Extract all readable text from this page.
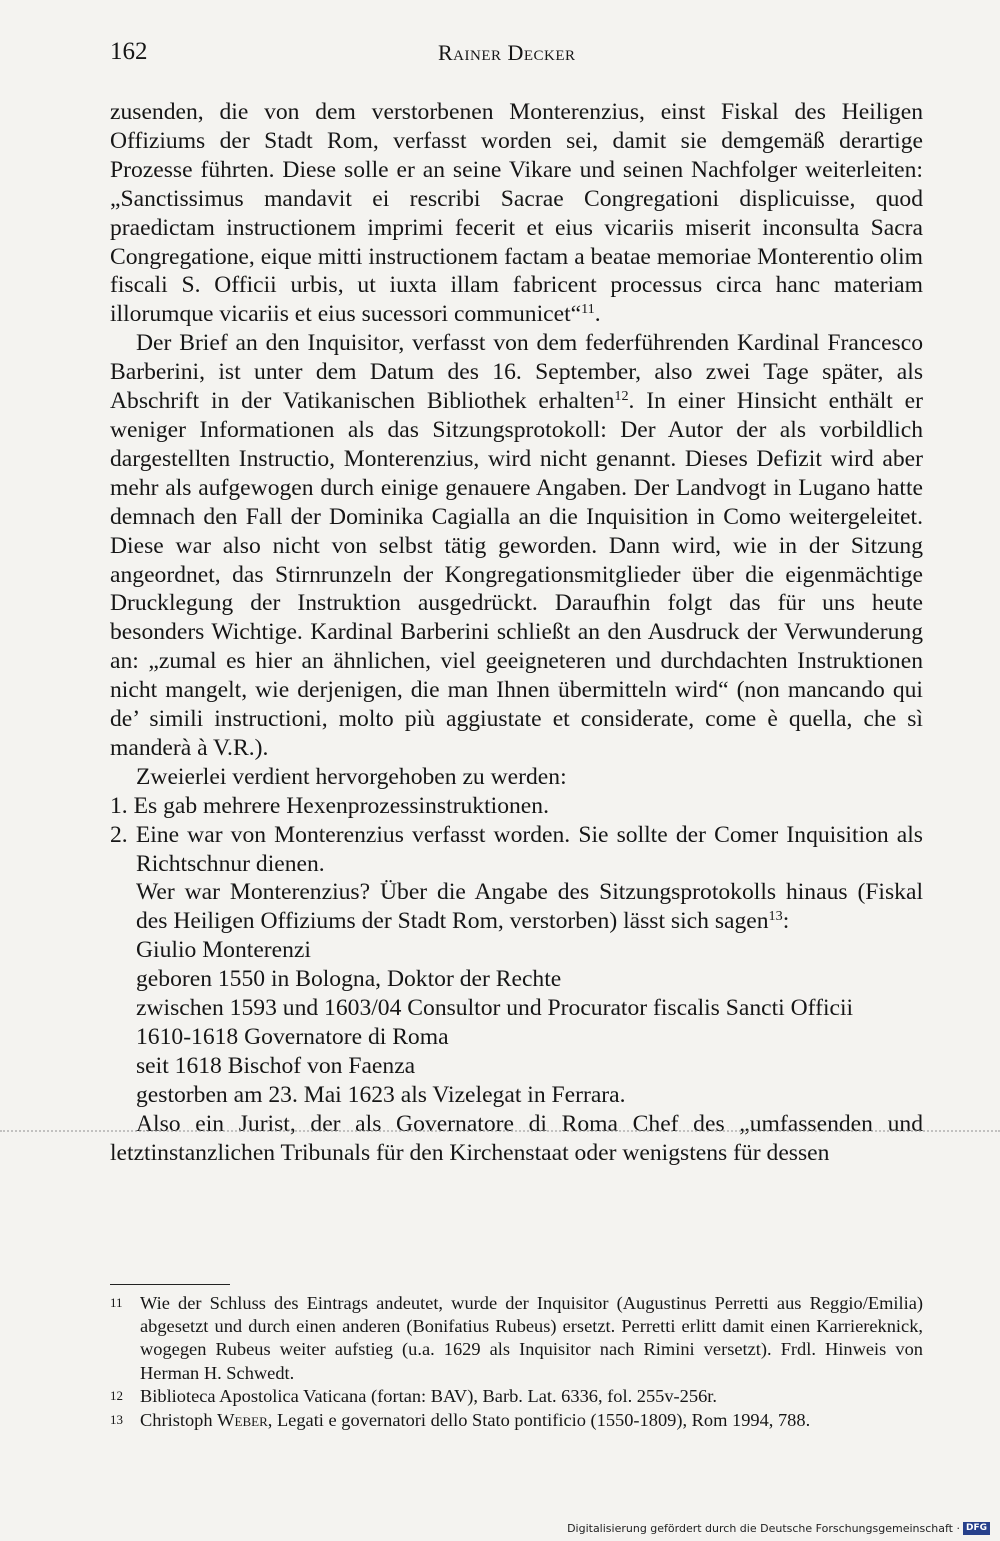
162	Rainer Decker

zusenden, die von dem verstorbenen Monterenzius, einst Fiskal des Heiligen Offiziums der Stadt Rom, verfasst worden sei, damit sie demgemäß derartige Prozesse führten. Diese solle er an seine Vikare und seinen Nachfolger weiterleiten: „Sanctissimus mandavit ei rescribi Sacrae Congregationi displicuisse, quod praedictam instructionem imprimi fecerit et eius vicariis miserit inconsulta Sacra Congregatione, eique mitti instructionem factam a beatae memoriae Monterentio olim fiscali S. Officii urbis, ut iuxta illam fabricent processus circa hanc materiam illorumque vicariis et eius sucessori communicet“$^{11}$.

Der Brief an den Inquisitor, verfasst von dem federführenden Kardinal Francesco Barberini, ist unter dem Datum des 16. September, also zwei Tage später, als Abschrift in der Vatikanischen Bibliothek erhalten$^{12}$. In einer Hinsicht enthält er weniger Informationen als das Sitzungsprotokoll: Der Autor der als vorbildlich dargestellten Instructio, Monterenzius, wird nicht genannt. Dieses Defizit wird aber mehr als aufgewogen durch einige genauere Angaben. Der Landvogt in Lugano hatte demnach den Fall der Dominika Cagialla an die Inquisition in Como weitergeleitet. Diese war also nicht von selbst tätig geworden. Dann wird, wie in der Sitzung angeordnet, das Stirnrunzeln der Kongregationsmitglieder über die eigenmächtige Drucklegung der Instruktion ausgedrückt. Daraufhin folgt das für uns heute besonders Wichtige. Kardinal Barberini schließt an den Ausdruck der Verwunderung an: „zumal es hier an ähnlichen, viel geeigneteren und durchdachten Instruktionen nicht mangelt, wie derjenigen, die man Ihnen übermitteln wird“ (non mancando qui de’ simili instructioni, molto più aggiustate et considerate, come è quella, che sì manderà à V.R.).

Zweierlei verdient hervorgehoben zu werden:

1. Es gab mehrere Hexenprozessinstruktionen.

2. Eine war von Monterenzius verfasst worden. Sie sollte der Comer Inquisition als Richtschnur dienen.

Wer war Monterenzius? Über die Angabe des Sitzungsprotokolls hinaus (Fiskal des Heiligen Offiziums der Stadt Rom, verstorben) lässt sich sagen$^{13}$:

Giulio Monterenzi

geboren 1550 in Bologna, Doktor der Rechte

zwischen 1593 und 1603/04 Consultor und Procurator fiscalis Sancti Officii

1610-1618 Governatore di Roma

seit 1618 Bischof von Faenza

gestorben am 23. Mai 1623 als Vizelegat in Ferrara.

Also ein Jurist, der als Governatore di Roma Chef des „umfassenden und letztinstanzlichen Tribunals für den Kirchenstaat oder wenigstens für dessen

11 Wie der Schluss des Eintrags andeutet, wurde der Inquisitor (Augustinus Perretti aus Reggio/Emilia) abgesetzt und durch einen anderen (Bonifatius Rubeus) ersetzt. Perretti erlitt damit einen Karriereknick, wogegen Rubeus weiter aufstieg (u.a. 1629 als Inquisitor nach Rimini versetzt). Frdl. Hinweis von Herman H. Schwedt.

12 Biblioteca Apostolica Vaticana (fortan: BAV), Barb. Lat. 6336, fol. 255v-256r.

13 Christoph Weber, Legati e governatori dello Stato pontificio (1550-1809), Rom 1994, 788.

Digitalisierung gefördert durch die Deutsche Forschungsgemeinschaft · DFG
